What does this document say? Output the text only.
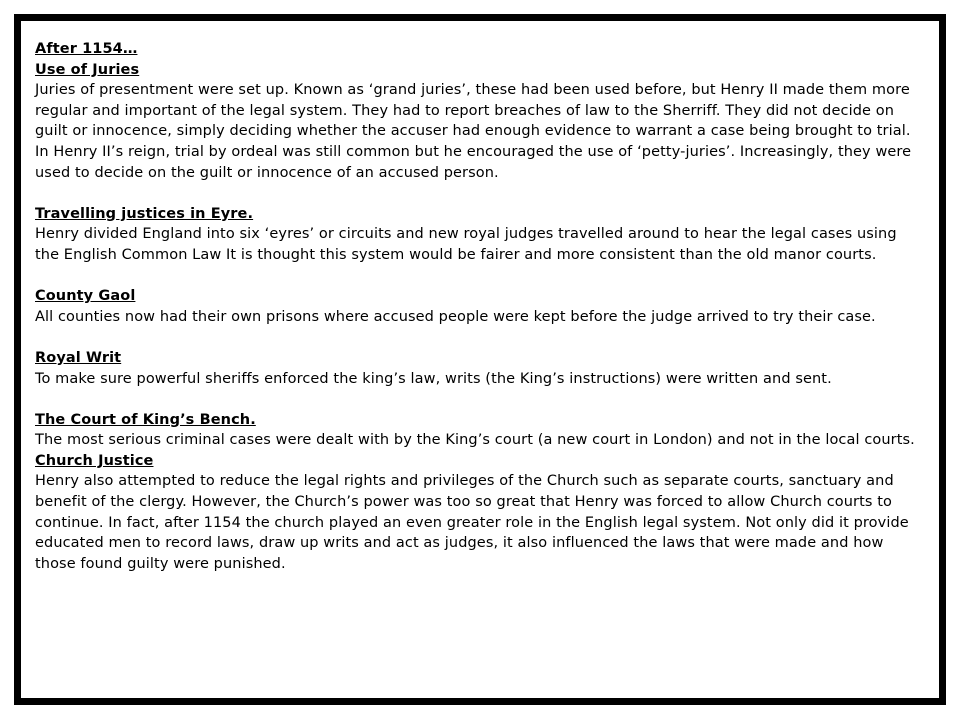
After 1154…

Use of Juries

Juries of presentment were set up. Known as ‘grand juries’, these had been used before, but Henry II made them more regular and important of the legal system. They had to report breaches of law to the Sherriff. They did not decide on guilt or innocence, simply deciding whether the accuser had enough evidence to warrant a case being brought to trial. In Henry II’s reign, trial by ordeal was still common but he encouraged the use of ‘petty-juries’. Increasingly, they were used to decide on the guilt or innocence of an accused person.

Travelling justices in Eyre.

Henry divided England into six ‘eyres’ or circuits and new royal judges travelled around to hear the legal cases using the English Common Law It is thought this system would be fairer and more consistent than the old manor courts.

County Gaol

All counties now had their own prisons where accused people were kept before the judge arrived to try their case.

Royal Writ

To make sure powerful sheriffs enforced the king’s law, writs (the King’s instructions) were written and sent.

The Court of King’s Bench.

The most serious criminal cases were dealt with by the King’s court (a new court in London) and not in the local courts.

Church Justice

Henry also attempted to reduce the legal rights and privileges of the Church such as separate courts, sanctuary and benefit of the clergy. However, the Church’s power was too so great that Henry was forced to allow Church courts to continue. In fact, after 1154 the church played an even greater role in the English legal system. Not only did it provide educated men to record laws, draw up writs and act as judges, it also influenced the laws that were made and how those found guilty were punished.
